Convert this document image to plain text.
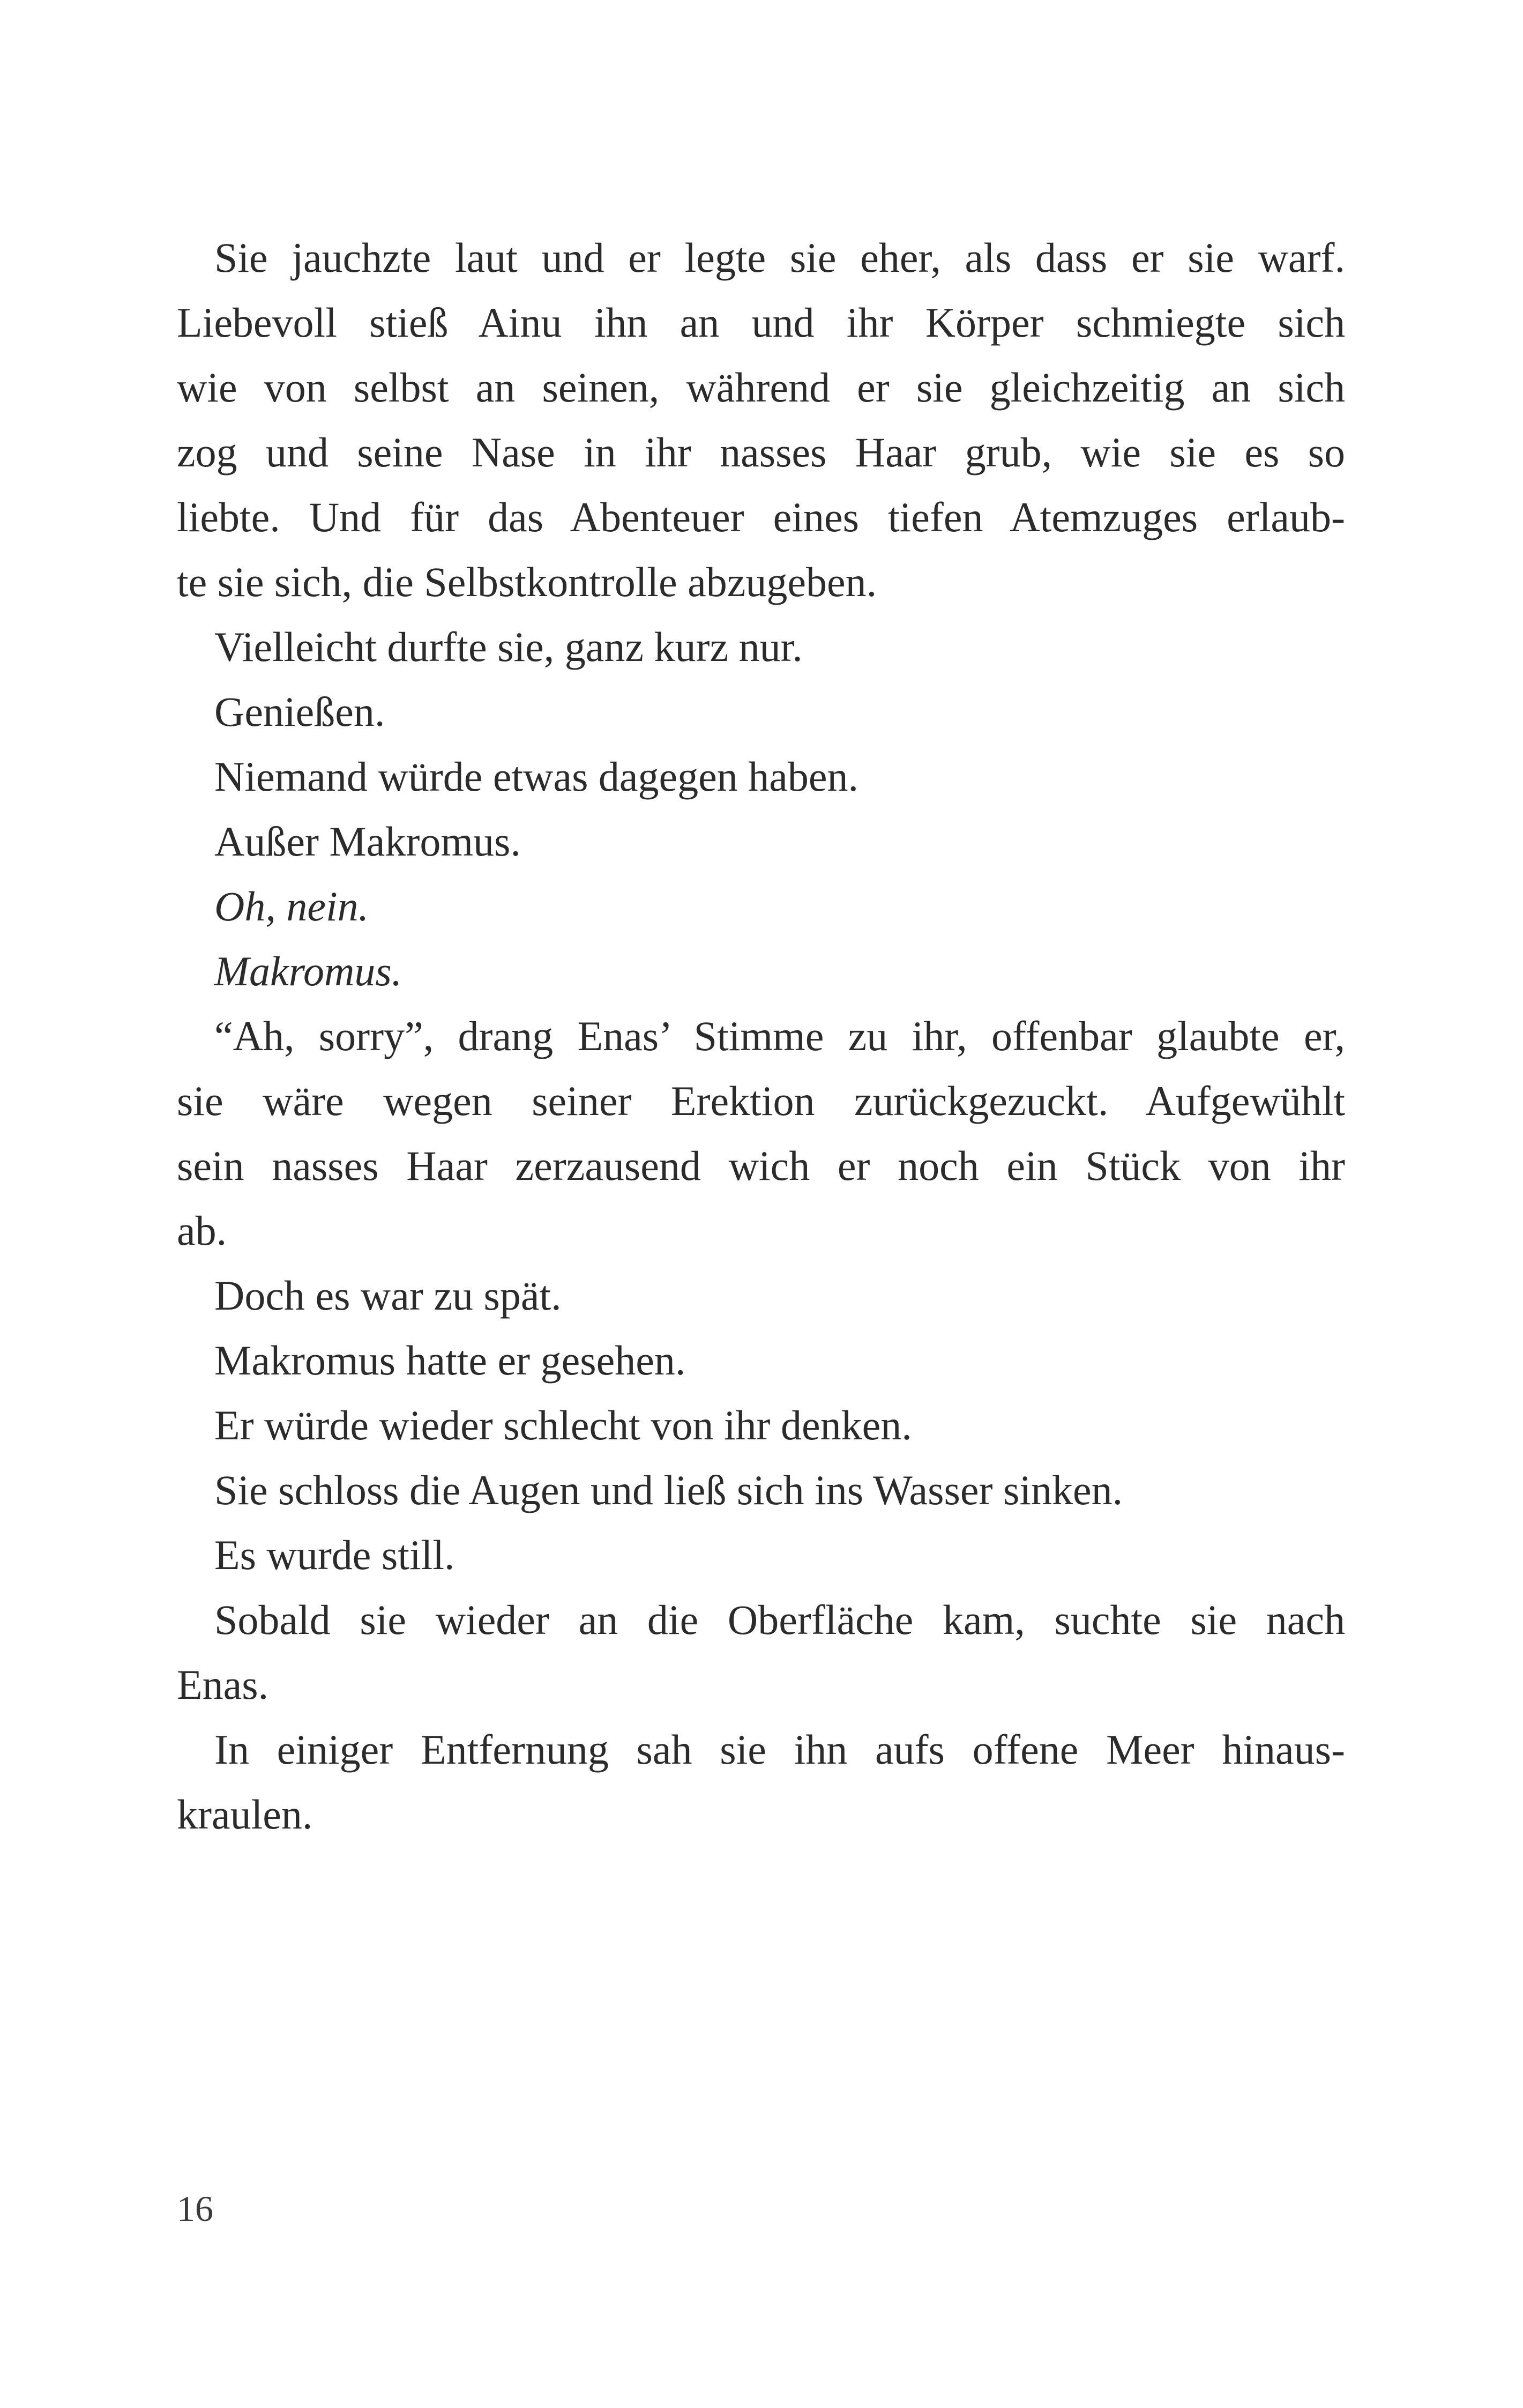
Sie jauchzte laut und er legte sie eher, als dass er sie warf.
Liebevoll stieß Ainu ihn an und ihr Körper schmiegte sich
wie von selbst an seinen, während er sie gleichzeitig an sich
zog und seine Nase in ihr nasses Haar grub, wie sie es so
liebte. Und für das Abenteuer eines tiefen Atemzuges erlaub-
te sie sich, die Selbstkontrolle abzugeben.
Vielleicht durfte sie, ganz kurz nur.
Genießen.
Niemand würde etwas dagegen haben.
Außer Makromus.
Oh, nein.
Makromus.
“Ah, sorry”, drang Enas’ Stimme zu ihr, offenbar glaubte er,
sie wäre wegen seiner Erektion zurückgezuckt. Aufgewühlt
sein nasses Haar zerzausend wich er noch ein Stück von ihr
ab.
Doch es war zu spät.
Makromus hatte er gesehen.
Er würde wieder schlecht von ihr denken.
Sie schloss die Augen und ließ sich ins Wasser sinken.
Es wurde still.
Sobald sie wieder an die Oberfläche kam, suchte sie nach
Enas.
In einiger Entfernung sah sie ihn aufs offene Meer hinaus-
kraulen.
16
